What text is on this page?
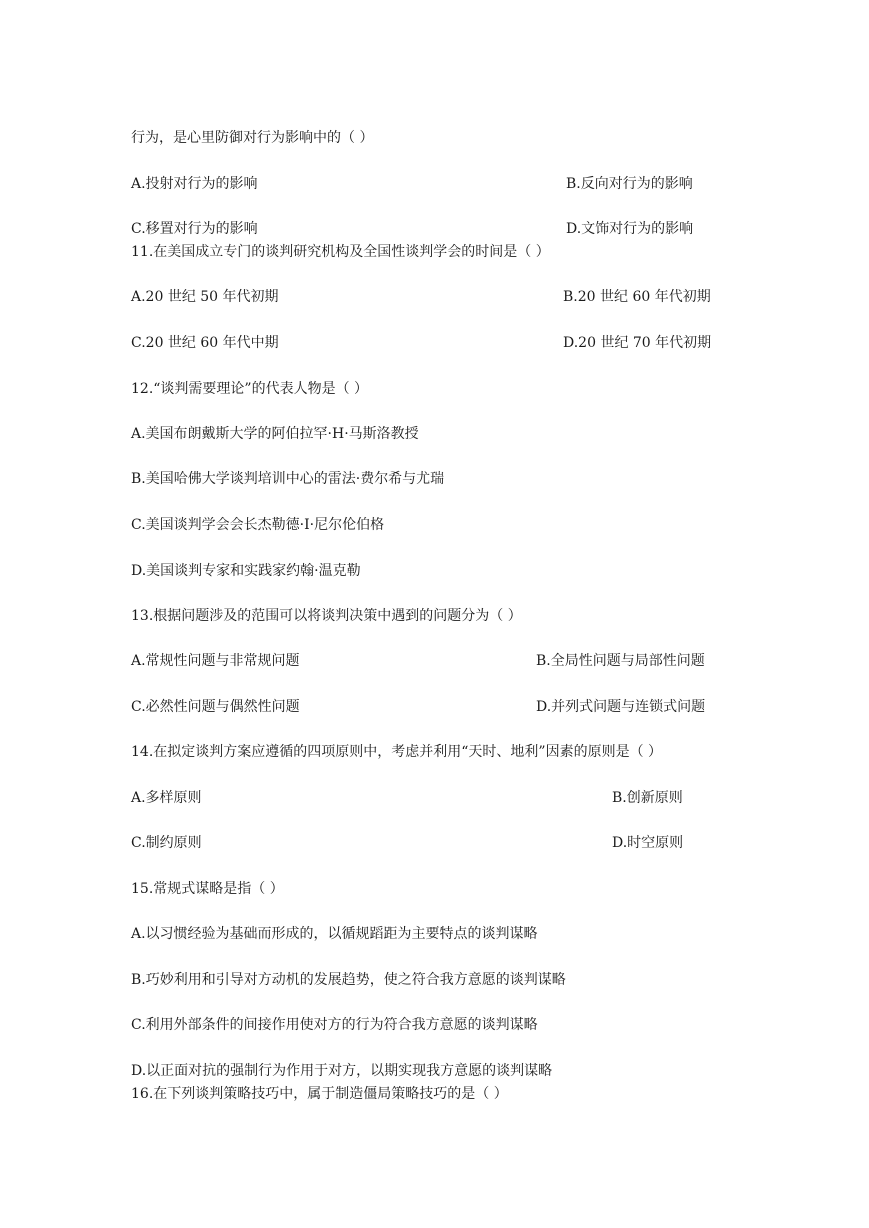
行为，是心里防御对行为影响中的（ ）
A.投射对行为的影响	B.反向对行为的影响
C.移置对行为的影响	D.文饰对行为的影响
11.在美国成立专门的谈判研究机构及全国性谈判学会的时间是（ ）
A.20 世纪 50 年代初期	B.20 世纪 60 年代初期
C.20 世纪 60 年代中期	D.20 世纪 70 年代初期
12.“谈判需要理论”的代表人物是（ ）
A.美国布朗戴斯大学的阿伯拉罕·H·马斯洛教授
B.美国哈佛大学谈判培训中心的雷法·费尔希与尤瑞
C.美国谈判学会会长杰勒德·I·尼尔伦伯格
D.美国谈判专家和实践家约翰·温克勒
13.根据问题涉及的范围可以将谈判决策中遇到的问题分为（ ）
A.常规性问题与非常规问题	B.全局性问题与局部性问题
C.必然性问题与偶然性问题	D.并列式问题与连锁式问题
14.在拟定谈判方案应遵循的四项原则中，考虑并利用“天时、地利”因素的原则是（ ）
A.多样原则	B.创新原则
C.制约原则	D.时空原则
15.常规式谋略是指（ ）
A.以习惯经验为基础而形成的，以循规蹈距为主要特点的谈判谋略
B.巧妙利用和引导对方动机的发展趋势，使之符合我方意愿的谈判谋略
C.利用外部条件的间接作用使对方的行为符合我方意愿的谈判谋略
D.以正面对抗的强制行为作用于对方，以期实现我方意愿的谈判谋略
16.在下列谈判策略技巧中，属于制造僵局策略技巧的是（ ）
